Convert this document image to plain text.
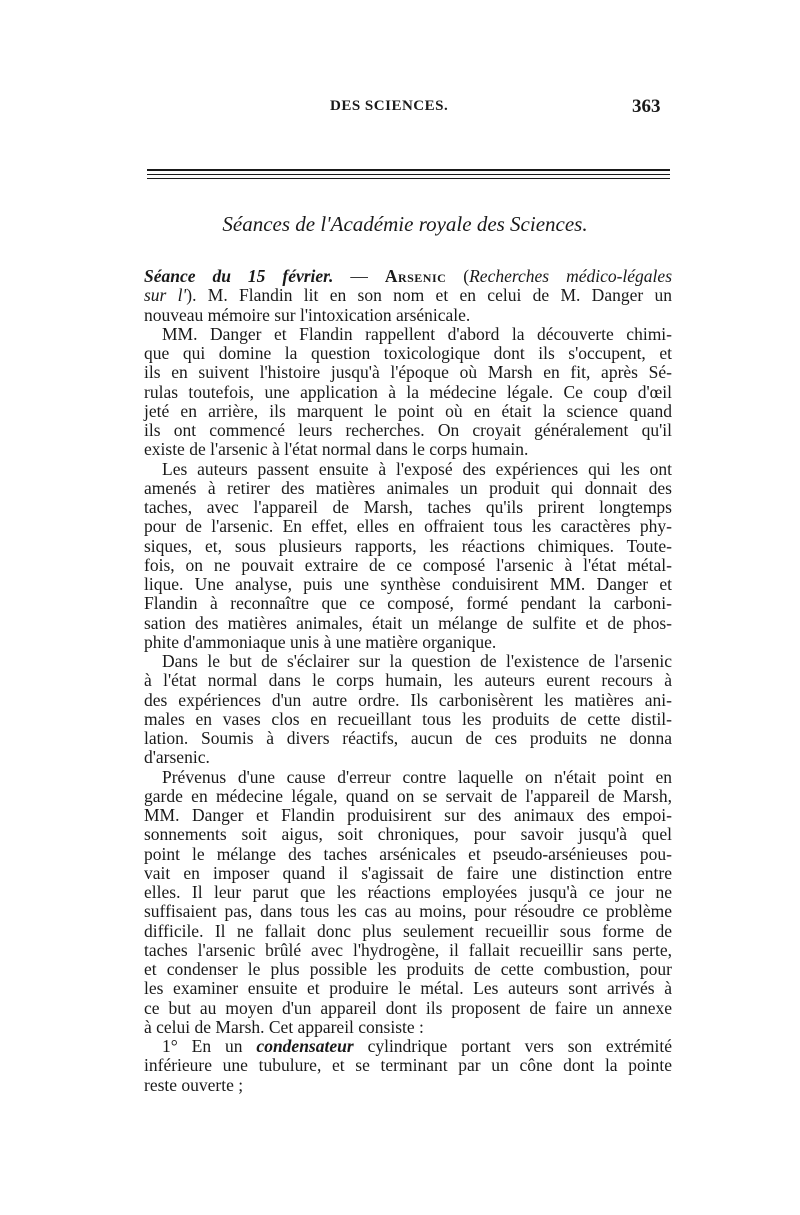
DES SCIENCES.	363
Séances de l'Académie royale des Sciences.
Séance du 15 février. — Arsenic (Recherches médico-légales
sur l'). M. Flandin lit en son nom et en celui de M. Danger un
nouveau mémoire sur l'intoxication arsénicale.
MM. Danger et Flandin rappellent d'abord la découverte chimi-
que qui domine la question toxicologique dont ils s'occupent, et
ils en suivent l'histoire jusqu'à l'époque où Marsh en fit, après Sé-
rulas toutefois, une application à la médecine légale. Ce coup d'œil
jeté en arrière, ils marquent le point où en était la science quand
ils ont commencé leurs recherches. On croyait généralement qu'il
existe de l'arsenic à l'état normal dans le corps humain.
Les auteurs passent ensuite à l'exposé des expériences qui les ont
amenés à retirer des matières animales un produit qui donnait des
taches, avec l'appareil de Marsh, taches qu'ils prirent longtemps
pour de l'arsenic. En effet, elles en offraient tous les caractères phy-
siques, et, sous plusieurs rapports, les réactions chimiques. Toute-
fois, on ne pouvait extraire de ce composé l'arsenic à l'état métal-
lique. Une analyse, puis une synthèse conduisirent MM. Danger et
Flandin à reconnaître que ce composé, formé pendant la carboni-
sation des matières animales, était un mélange de sulfite et de phos-
phite d'ammoniaque unis à une matière organique.
Dans le but de s'éclairer sur la question de l'existence de l'arsenic
à l'état normal dans le corps humain, les auteurs eurent recours à
des expériences d'un autre ordre. Ils carbonisèrent les matières ani-
males en vases clos en recueillant tous les produits de cette distil-
lation. Soumis à divers réactifs, aucun de ces produits ne donna
d'arsenic.
Prévenus d'une cause d'erreur contre laquelle on n'était point en
garde en médecine légale, quand on se servait de l'appareil de Marsh,
MM. Danger et Flandin produisirent sur des animaux des empoi-
sonnements soit aigus, soit chroniques, pour savoir jusqu'à quel
point le mélange des taches arsénicales et pseudo-arsénieuses pou-
vait en imposer quand il s'agissait de faire une distinction entre
elles. Il leur parut que les réactions employées jusqu'à ce jour ne
suffisaient pas, dans tous les cas au moins, pour résoudre ce problème
difficile. Il ne fallait donc plus seulement recueillir sous forme de
taches l'arsenic brûlé avec l'hydrogène, il fallait recueillir sans perte,
et condenser le plus possible les produits de cette combustion, pour
les examiner ensuite et produire le métal. Les auteurs sont arrivés à
ce but au moyen d'un appareil dont ils proposent de faire un annexe
à celui de Marsh. Cet appareil consiste :
1° En un condensateur cylindrique portant vers son extrémité
inférieure une tubulure, et se terminant par un cône dont la pointe
reste ouverte ;
